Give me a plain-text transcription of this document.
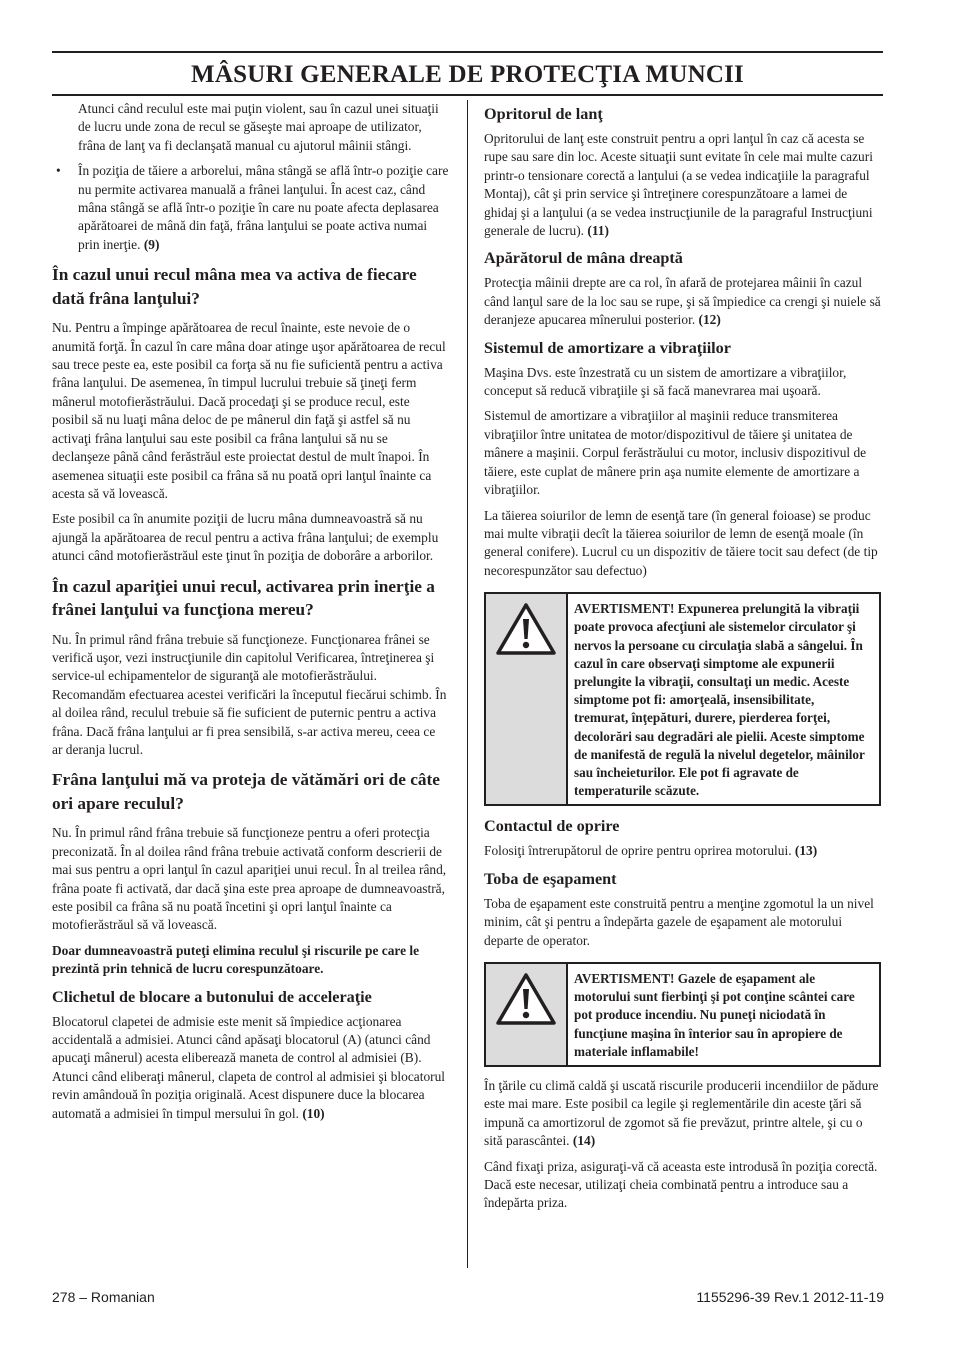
MÂSURI GENERALE DE PROTECŢIA MUNCII

Atunci când reculul este mai puţin violent, sau în cazul unei situaţii de lucru unde zona de recul se găseşte mai aproape de utilizator, frâna de lanţ va fi declanşată manual cu ajutorul mâinii stângi.

• În poziţia de tăiere a arborelui, mâna stângă se află într-o poziţie care nu permite activarea manuală a frânei lanţului. În acest caz, când mâna stângă se află într-o poziţie în care nu poate afecta deplasarea apărătoarei de mână din faţă, frâna lanţului se poate activa numai prin inerţie. (9)

În cazul unui recul mâna mea va activa de fiecare dată frâna lanţului?

Nu. Pentru a împinge apărătoarea de recul înainte, este nevoie de o anumită forţă. În cazul în care mâna doar atinge uşor apărătoarea de recul sau trece peste ea, este posibil ca forţa să nu fie suficientă pentru a activa frâna lanţului. De asemenea, în timpul lucrului trebuie să ţineţi ferm mânerul motofierăstrăului. Dacă procedaţi şi se produce recul, este posibil să nu luaţi mâna deloc de pe mânerul din faţă şi astfel să nu activaţi frâna lanţului sau este posibil ca frâna lanţului să nu se declanşeze până când ferăstrăul este proiectat destul de mult înapoi. În asemenea situaţii este posibil ca frâna să nu poată opri lanţul înainte ca acesta să vă lovească.

Este posibil ca în anumite poziţii de lucru mâna dumneavoastră să nu ajungă la apărătoarea de recul pentru a activa frâna lanţului; de exemplu atunci când motofierăstrăul este ţinut în poziţia de doborâre a arborilor.

În cazul apariţiei unui recul, activarea prin inerţie a frânei lanţului va funcţiona mereu?

Nu. În primul rând frâna trebuie să funcţioneze. Funcţionarea frânei se verifică uşor, vezi instrucţiunile din capitolul Verificarea, întreţinerea şi service-ul echipamentelor de siguranţă ale motofierăstrăului. Recomandăm efectuarea acestei verificări la începutul fiecărui schimb. În al doilea rând, reculul trebuie să fie suficient de puternic pentru a activa frâna. Dacă frâna lanţului ar fi prea sensibilă, s-ar activa mereu, ceea ce ar deranja lucrul.

Frâna lanţului mă va proteja de vătămări ori de câte ori apare reculul?

Nu. În primul rând frâna trebuie să funcţioneze pentru a oferi protecţia preconizată. În al doilea rând frâna trebuie activată conform descrierii de mai sus pentru a opri lanţul în cazul apariţiei unui recul. În al treilea rând, frâna poate fi activată, dar dacă şina este prea aproape de dumneavoastră, este posibil ca frâna să nu poată încetini şi opri lanţul înainte ca motofierăstrăul să vă lovească.

Doar dumneavoastră puteţi elimina reculul şi riscurile pe care le prezintă prin tehnică de lucru corespunzătoare.

Clichetul de blocare a butonului de acceleraţie

Blocatorul clapetei de admisie este menit să împiedice acţionarea accidentală a admisiei. Atunci când apăsaţi blocatorul (A) (atunci când apucaţi mânerul) acesta eliberează maneta de control al admisiei (B). Atunci când eliberaţi mânerul, clapeta de control al admisiei şi blocatorul revin amândouă în poziţia originală. Acest dispunere duce la blocarea automată a admisiei în timpul mersului în gol. (10)

Opritorul de lanţ

Opritorului de lanţ este construit pentru a opri lanţul în caz că acesta se rupe sau sare din loc. Aceste situaţii sunt evitate în cele mai multe cazuri printr-o tensionare corectă a lanţului (a se vedea indicaţiile la paragraful Montaj), cât şi prin service şi întreţinere corespunzătoare a lamei de ghidaj şi a lanţului (a se vedea instrucţiunile de la paragraful Instrucţiuni generale de lucru). (11)

Apărătorul de mâna dreaptă

Protecţia mâinii drepte are ca rol, în afară de protejarea mâinii în cazul când lanţul sare de la loc sau se rupe, şi să împiedice ca crengi şi nuiele să deranjeze apucarea mînerului posterior. (12)

Sistemul de amortizare a vibraţiilor

Maşina Dvs. este înzestrată cu un sistem de amortizare a vibraţiilor, conceput să reducă vibraţiile şi să facă manevrarea mai uşoară.

Sistemul de amortizare a vibraţiilor al maşinii reduce transmiterea vibraţiilor între unitatea de motor/dispozitivul de tăiere şi unitatea de mânere a maşinii. Corpul ferăstrăului cu motor, inclusiv dispozitivul de tăiere, este cuplat de mânere prin aşa numite elemente de amortizare a vibraţiilor.

La tăierea soiurilor de lemn de esenţă tare (în general foioase) se produc mai multe vibraţii decît la tăierea soiurilor de lemn de esenţă moale (în general conifere). Lucrul cu un dispozitiv de tăiere tocit sau defect (de tip necorespunzător sau defectuo)

AVERTISMENT! Expunerea prelungită la vibraţii poate provoca afecţiuni ale sistemelor circulator şi nervos la persoane cu circulaţia slabă a sângelui. În cazul în care observaţi simptome ale expunerii prelungite la vibraţii, consultaţi un medic. Aceste simptome pot fi: amorţeală, insensibilitate, tremurat, înţepături, durere, pierderea forţei, decolorări sau degradări ale pielii. Aceste simptome de manifestă de regulă la nivelul degetelor, mâinilor sau încheieturilor. Ele pot fi agravate de temperaturile scăzute.
Contactul de oprire

Folosiţi întrerupătorul de oprire pentru oprirea motorului. (13)

Toba de eşapament

Toba de eşapament este construită pentru a menţine zgomotul la un nivel minim, cât şi pentru a îndepărta gazele de eşapament ale motorului departe de operator.

AVERTISMENT! Gazele de eşapament ale motorului sunt fierbinţi şi pot conţine scântei care pot produce incendiu. Nu puneţi niciodată în funcţiune maşina în înterior sau în apropiere de materiale inflamabile!

În ţările cu climă caldă şi uscată riscurile producerii incendiilor de pădure este mai mare. Este posibil ca legile şi reglementările din aceste ţări să impună ca amortizorul de zgomot să fie prevăzut, printre altele, şi cu o sită parascântei. (14)

Când fixaţi priza, asiguraţi-vă că aceasta este introdusă în poziţia corectă. Dacă este necesar, utilizaţi cheia combinată pentru a introduce sau a îndepărta priza.

278 – Romanian	1155296-39 Rev.1 2012-11-19
